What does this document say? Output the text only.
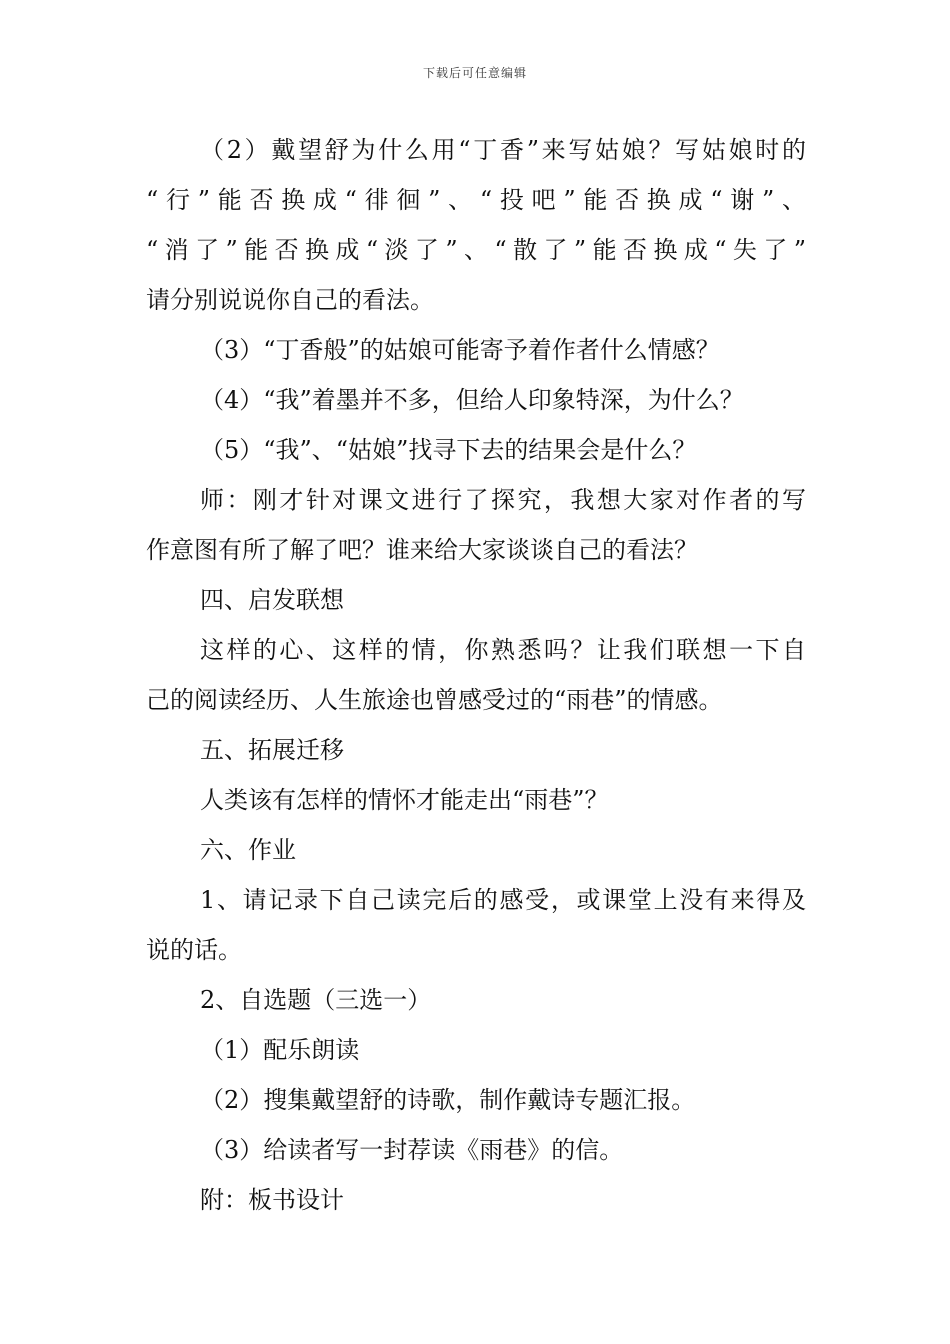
下载后可任意编辑
（2）戴望舒为什么用“丁香”来写姑娘？写姑娘时的
“行”能否换成“徘徊”、“投吧”能否换成“谢”、
“消了”能否换成“淡了”、“散了”能否换成“失了”
请分别说说你自己的看法。
（3）“丁香般”的姑娘可能寄予着作者什么情感？
（4）“我”着墨并不多，但给人印象特深，为什么？
（5）“我”、“姑娘”找寻下去的结果会是什么？
师：刚才针对课文进行了探究，我想大家对作者的写
作意图有所了解了吧？谁来给大家谈谈自己的看法？
四、启发联想
这样的心、这样的情，你熟悉吗？让我们联想一下自
己的阅读经历、人生旅途也曾感受过的“雨巷”的情感。
五、拓展迁移
人类该有怎样的情怀才能走出“雨巷”？
六、作业
1、请记录下自己读完后的感受，或课堂上没有来得及
说的话。
2、自选题（三选一）
（1）配乐朗读
（2）搜集戴望舒的诗歌，制作戴诗专题汇报。
（3）给读者写一封荐读《雨巷》的信。
附：板书设计
